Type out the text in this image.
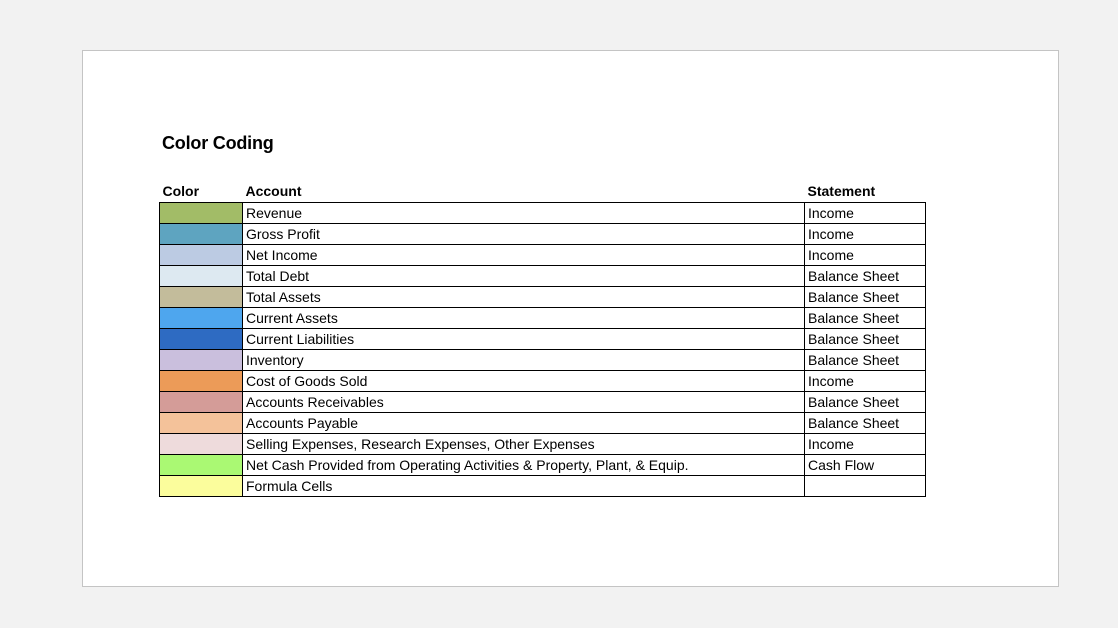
Color Coding
Color	Account	Statement
	Revenue	Income
	Gross Profit	Income
	Net Income	Income
	Total Debt	Balance Sheet
	Total Assets	Balance Sheet
	Current Assets	Balance Sheet
	Current Liabilities	Balance Sheet
	Inventory	Balance Sheet
	Cost of Goods Sold	Income
	Accounts Receivables	Balance Sheet
	Accounts Payable	Balance Sheet
	Selling Expenses, Research Expenses, Other Expenses	Income
	Net Cash Provided from Operating Activities & Property, Plant, & Equip.	Cash Flow
	Formula Cells	
